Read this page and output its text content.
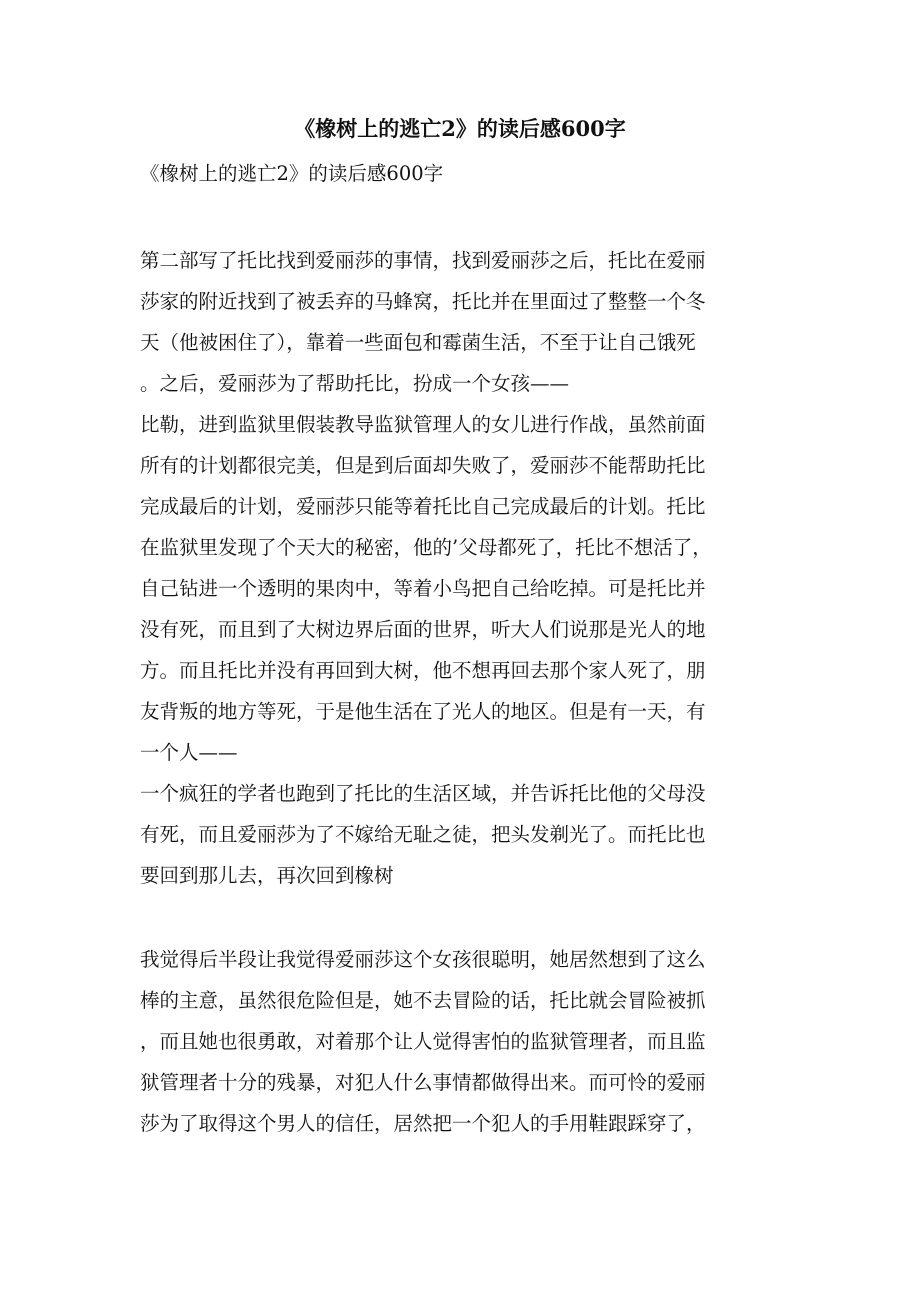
《橡树上的逃亡2》的读后感600字

《橡树上的逃亡2》的读后感600字

第二部写了托比找到爱丽莎的事情，找到爱丽莎之后，托比在爱丽

莎家的附近找到了被丢弃的马蜂窝，托比并在里面过了整整一个冬

天（他被困住了），靠着一些面包和霉菌生活，不至于让自己饿死

。之后，爱丽莎为了帮助托比，扮成一个女孩——

比勒，进到监狱里假装教导监狱管理人的女儿进行作战，虽然前面

所有的计划都很完美，但是到后面却失败了，爱丽莎不能帮助托比

完成最后的计划，爱丽莎只能等着托比自己完成最后的计划。托比

在监狱里发现了个天大的秘密，他的’父母都死了，托比不想活了，

自己钻进一个透明的果肉中，等着小鸟把自己给吃掉。可是托比并

没有死，而且到了大树边界后面的世界，听大人们说那是光人的地

方。而且托比并没有再回到大树，他不想再回去那个家人死了，朋

友背叛的地方等死，于是他生活在了光人的地区。但是有一天，有

一个人——

一个疯狂的学者也跑到了托比的生活区域，并告诉托比他的父母没

有死，而且爱丽莎为了不嫁给无耻之徒，把头发剃光了。而托比也

要回到那儿去，再次回到橡树

我觉得后半段让我觉得爱丽莎这个女孩很聪明，她居然想到了这么

棒的主意，虽然很危险但是，她不去冒险的话，托比就会冒险被抓

，而且她也很勇敢，对着那个让人觉得害怕的监狱管理者，而且监

狱管理者十分的残暴，对犯人什么事情都做得出来。而可怜的爱丽

莎为了取得这个男人的信任，居然把一个犯人的手用鞋跟踩穿了，
